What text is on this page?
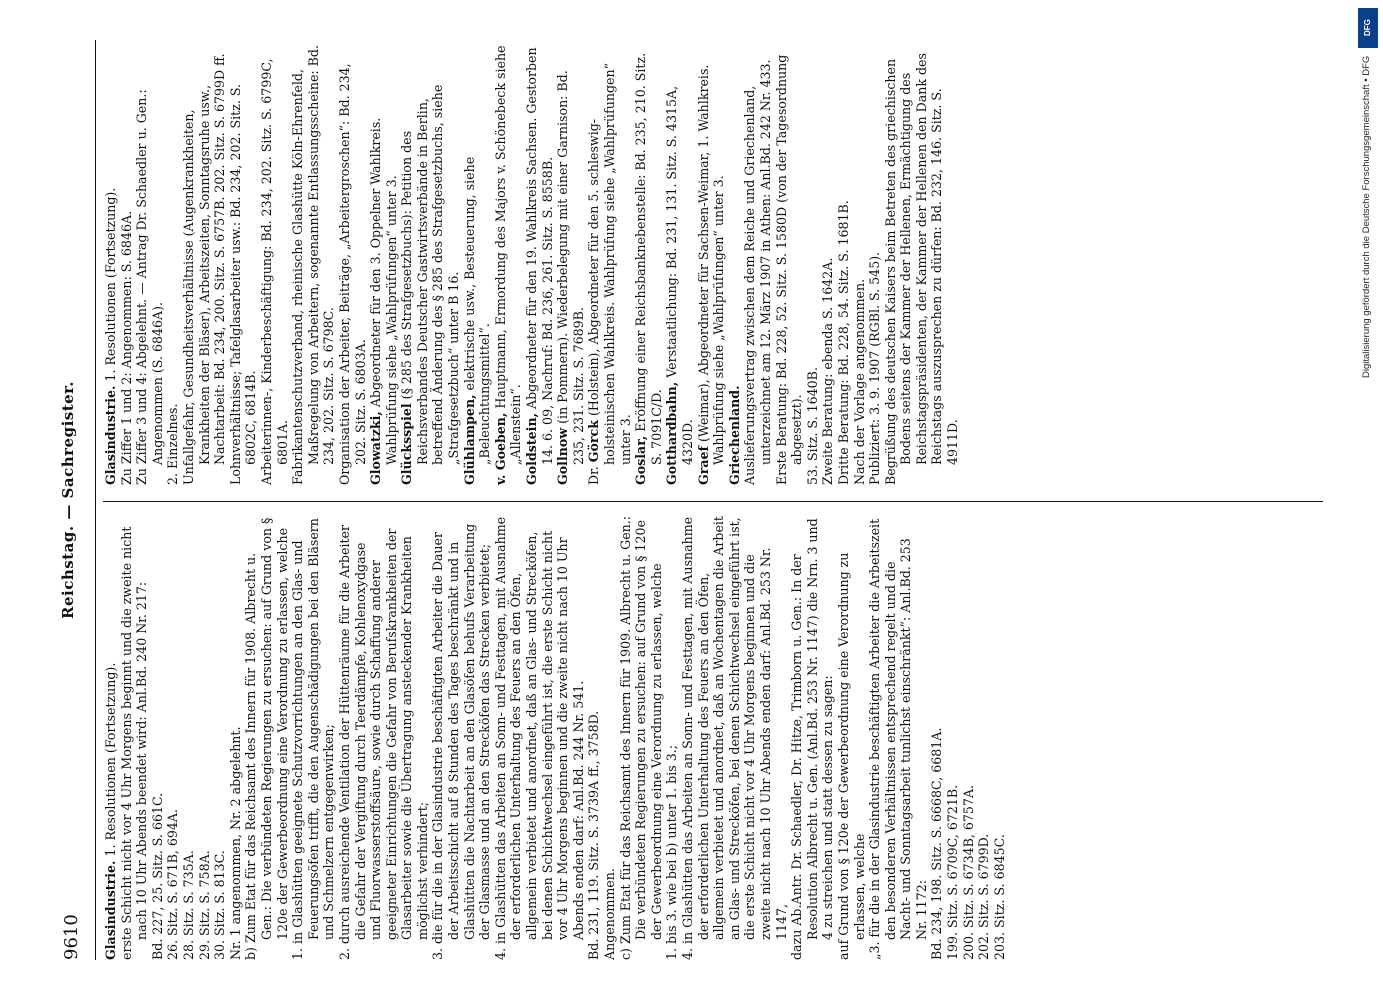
9610
Reichstag. — Sachregister.
Glasindustrie. 1. Resolutionen (Fortsetzung). erste Schicht nicht vor 4 Uhr Morgens beginnt und die zweite nicht nach 10 Uhr Abends beendet wird: Anl.Bd. 240 Nr. 217: Bd. 227, 25. Sitz. S. 661C. 26. Sitz. S. 671B, 694A. 28. Sitz. S. 735A. 29. Sitz. S. 758A. 30. Sitz. S. 813C. Nr. 1 angenommen, Nr. 2 abgelehnt. b) Zum Etat für das Reichsamt des Innern für 1908. Albrecht u. Gen.: Die verbündeten Regierungen zu ersuchen: auf Grund von § 120e der Gewerbeordnung eine Verordnung zu erlassen, welche 1. in Glashütten geeignete Schutzvorrichtungen an den Glas- und Feuerungsöfen trifft, die den Augenschädigungen bei den Bläsern und Schmelzern entgegenwirken; 2. durch ausreichende Ventilation der Hüttenräume für die Arbeiter die Gefahr der Vergiftung durch Teerdämpfe, Kohlenoxydgase und Fluorwasserstoffsäure, sowie durch Schaffung anderer geeigneter Einrichtungen die Gefahr von Berufskrankheiten der Glasarbeiter sowie die Übertragung ansteckender Krankheiten möglichst verhindert; 3. die für die in der Glasindustrie beschäftigten Arbeiter die Dauer der Arbeitsschicht auf 8 Stunden des Tages beschränkt und in Glashütten die Nachtarbeit an den Glasöfen behufs Verarbeitung der Glasmasse und an den Strecköfen das Strecken verbietet; 4. in Glashütten das Arbeiten an Sonn- und Festtagen, mit Ausnahme der erforderlichen Unterhaltung des Feuers an den Öfen, allgemein verbietet und anordnet, daß an Glas- und Strecköfen, bei denen Schichtwechsel eingeführt ist, die erste Schicht nicht vor 4 Uhr Morgens beginnen und die zweite nicht nach 10 Uhr Abends enden darf: Anl.Bd. 244 Nr. 541. Bd. 231, 119. Sitz. S. 3739A ff., 3758D. Angenommen. c) Zum Etat für das Reichsamt des Innern für 1909. Albrecht u. Gen.: Die verbündeten Regierungen zu ersuchen: auf Grund von § 120e der Gewerbeordnung eine Verordnung zu erlassen, welche 1. bis 3. wie bei b) unter 1. bis 3.; 4. in Glashütten das Arbeiten an Sonn- und Festtagen, mit Ausnahme der erforderlichen Unterhaltung des Feuers an den Öfen, allgemein verbietet und anordnet, daß an Wochentagen die Arbeit an Glas- und Strecköfen, bei denen Schichtwechsel eingeführt ist, die erste Schicht nicht vor 4 Uhr Morgens beginnen und die zweite nicht nach 10 Uhr Abends enden darf: Anl.Bd. 253 Nr. 1147, dazu Ab.Antr. Dr. Schaedler, Dr. Hitze, Trimborn u. Gen.: In der Resolution Albrecht u. Gen. (Anl.Bd. 253 Nr. 1147) die Nrn. 3 und 4 zu streichen und statt dessen zu sagen: auf Grund von § 120e der Gewerbeordnung eine Verordnung zu erlassen, welche „3. für die in der Glasindustrie beschäftigten Arbeiter die Arbeitszeit den besonderen Verhältnissen entsprechend regelt und die Nacht- und Sonntagsarbeit tunlichst einschränkt“: Anl.Bd. 253 Nr. 1172: Bd. 234, 198. Sitz. S. 6668C, 6681A. 199. Sitz. S. 6709C, 6721B. 200. Sitz. S. 6734B, 6757A. 202. Sitz. S. 6799D. 203. Sitz. S. 6845C.
Glasindustrie. 1. Resolutionen (Fortsetzung). Zu Ziffer 1 und 2: Angenommen: S. 6846A. Zu Ziffer 3 und 4: Abgelehnt. — Antrag Dr. Schaedler u. Gen.: Angenommen (S. 6846A). 2. Einzelnes. Unfallgefahr, Gesundheitsverhältnisse (Augenkrankheiten, Krankheiten der Bläser), Arbeitszeiten, Sonntagsruhe usw., Nachtarbeit: Bd. 234, 200. Sitz. S. 6757B. 202. Sitz. S. 6799D ff. Lohnverhältnisse; Tafelglasarbeiter usw.: Bd. 234, 202. Sitz. S. 6802C, 6814B. Arbeiterinnen-, Kinderbeschäftigung: Bd. 234, 202. Sitz. S. 6799C, 6801A. Fabrikantenschutzverband, rheinische Glashütte Köln-Ehrenfeld, Maßregelung von Arbeitern, sogenannte Entlassungsscheine: Bd. 234, 202. Sitz. S. 6798C. Organisation der Arbeiter, Beiträge, „Arbeitergroschen“: Bd. 234, 202. Sitz. S. 6803A. Glowatzki, Abgeordneter für den 3. Oppelner Wahlkreis. Wahlprüfung siehe „Wahlprüfungen“ unter 3. Glücksspiel (§ 285 des Strafgesetzbuchs): Petition des Reichsverbandes Deutscher Gastwirtsverbände in Berlin, betreffend Änderung des § 285 des Strafgesetzbuchs, siehe „Strafgesetzbuch“ unter B 16. Glühlampen, elektrische usw., Besteuerung, siehe „Beleuchtungsmittel“. v. Goeben, Hauptmann, Ermordung des Majors v. Schönebeck siehe „Allenstein“. Goldstein, Abgeordneter für den 19. Wahlkreis Sachsen. Gestorben 14. 6. 09, Nachruf: Bd. 236, 261. Sitz. S. 8558B. Gollnow (in Pommern). Wiederbelegung mit einer Garnison: Bd. 235, 231. Sitz. S. 7689B.
Dr. Görck (Holstein), Abgeordneter für den 5. schleswig-holsteinischen Wahlkreis. Wahlprüfung siehe „Wahlprüfungen“ unter 3. Goslar, Eröffnung einer Reichsbanknebenstelle: Bd. 235, 210. Sitz. S. 7091C/D. Gotthardbahn, Verstaatlichung: Bd. 231, 131. Sitz. S. 4315A, 4320D.
Graef (Weimar), Abgeordneter für Sachsen-Weimar, 1. Wahlkreis. Wahlprüfung siehe „Wahlprüfungen“ unter 3. Griechenland. Auslieferungsvertrag zwischen dem Reiche und Griechenland, unterzeichnet am 12. März 1907 in Athen: Anl.Bd. 242 Nr. 433. Erste Beratung: Bd. 228, 52. Sitz. S. 1580D (von der Tagesordnung abgesetzt). 53. Sitz. S. 1640B. Zweite Beratung: ebenda S. 1642A. Dritte Beratung: Bd. 228, 54. Sitz. S. 1681B. Nach der Vorlage angenommen. Publiziert: 3. 9. 1907 (RGBl. S. 545). Begrüßung des deutschen Kaisers beim Betreten des griechischen Bodens seitens der Kammer der Hellenen, Ermächtigung des Reichstagspräsidenten, der Kammer der Hellenen den Dank des Reichstags auszusprechen zu dürfen: Bd. 232, 146. Sitz. S. 4911D.
DFG
Digitalisierung gefördert durch die Deutsche Forschungsgemeinschaft • DFG
